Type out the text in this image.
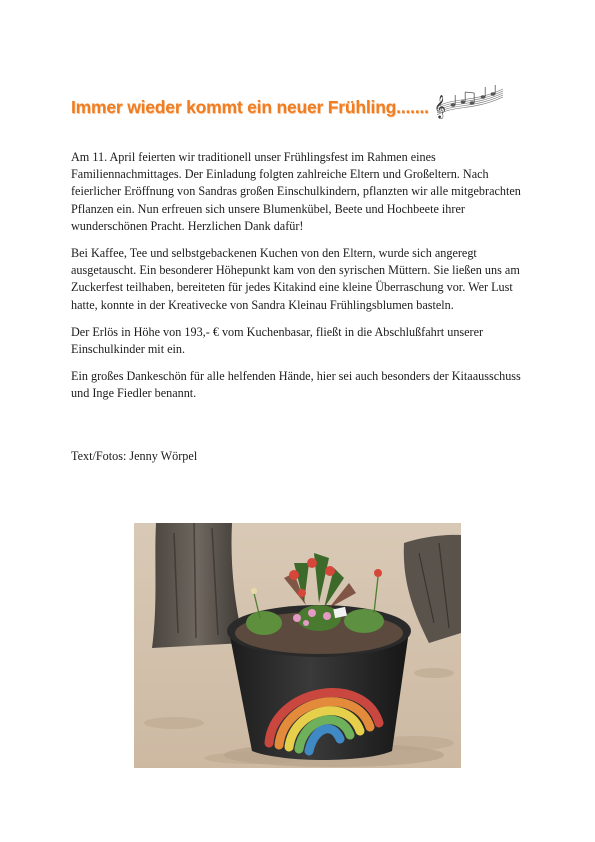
Immer wieder kommt ein neuer Frühling....... 𝄞

Am 11. April feierten wir traditionell unser Frühlingsfest im Rahmen eines Familiennachmittages. Der Einladung folgten zahlreiche Eltern und Großeltern. Nach feierlicher Eröffnung von Sandras großen Einschulkindern, pflanzten wir alle mitgebrachten Pflanzen ein. Nun erfreuen sich unsere Blumenkübel, Beete und Hochbeete ihrer wunderschönen Pracht. Herzlichen Dank dafür!

Bei Kaffee, Tee und selbstgebackenen Kuchen von den Eltern, wurde sich angeregt ausgetauscht. Ein besonderer Höhepunkt kam von den syrischen Müttern. Sie ließen uns am Zuckerfest teilhaben, bereiteten für jedes Kitakind eine kleine Überraschung vor. Wer Lust hatte, konnte in der Kreativecke von Sandra Kleinau Frühlingsblumen basteln.

Der Erlös in Höhe von 193,- € vom Kuchenbasar, fließt in die Abschlußfahrt unserer Einschulkinder mit ein.

Ein großes Dankeschön für alle helfenden Hände, hier sei auch besonders der Kitaausschuss und Inge Fiedler benannt.

Text/Fotos: Jenny Wörpel
